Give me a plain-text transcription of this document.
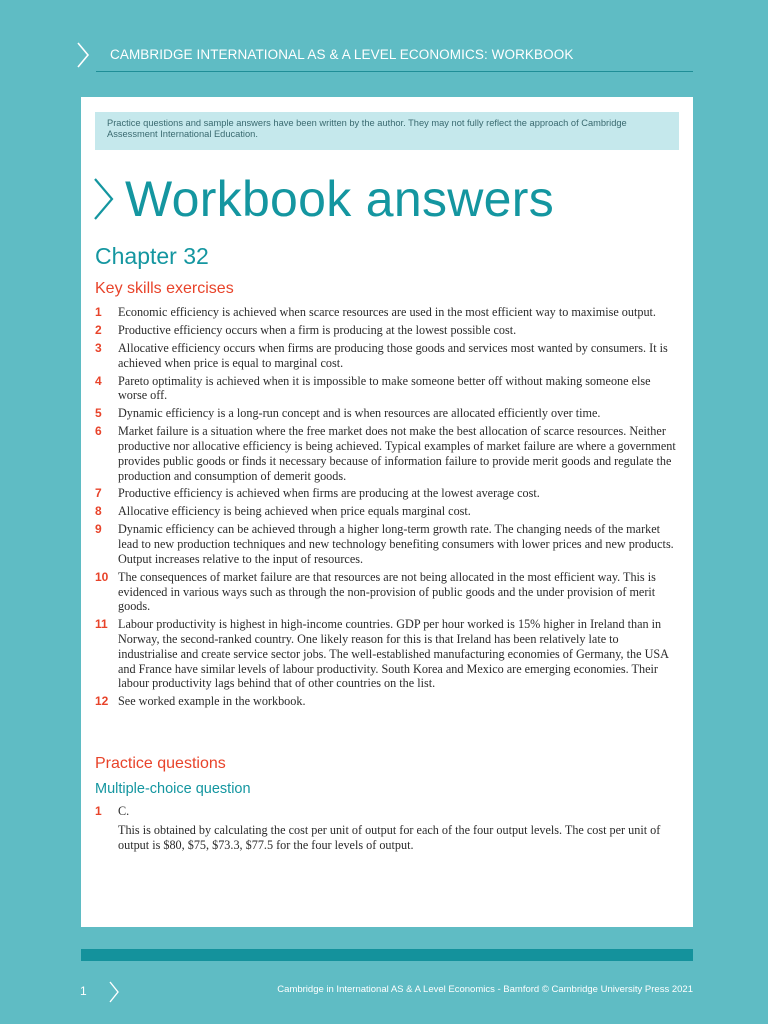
CAMBRIDGE INTERNATIONAL AS & A LEVEL ECONOMICS: WORKBOOK
Practice questions and sample answers have been written by the author. They may not fully reflect the approach of Cambridge Assessment International Education.
Workbook answers
Chapter 32
Key skills exercises
1	Economic efficiency is achieved when scarce resources are used in the most efficient way to maximise output.

2	Productive efficiency occurs when a firm is producing at the lowest possible cost.

3	Allocative efficiency occurs when firms are producing those goods and services most wanted by consumers. It is achieved when price is equal to marginal cost.

4	Pareto optimality is achieved when it is impossible to make someone better off without making someone else worse off.

5	Dynamic efficiency is a long-run concept and is when resources are allocated efficiently over time.

6	Market failure is a situation where the free market does not make the best allocation of scarce resources. Neither productive nor allocative efficiency is being achieved. Typical examples of market failure are where a government provides public goods or finds it necessary because of information failure to provide merit goods and regulate the production and consumption of demerit goods.

7	Productive efficiency is achieved when firms are producing at the lowest average cost.

8	Allocative efficiency is being achieved when price equals marginal cost.

9	Dynamic efficiency can be achieved through a higher long-term growth rate. The changing needs of the market lead to new production techniques and new technology benefiting consumers with lower prices and new products. Output increases relative to the input of resources.

10 The consequences of market failure are that resources are not being allocated in the most efficient way. This is evidenced in various ways such as through the non-provision of public goods and the under provision of merit goods.

11 Labour productivity is highest in high-income countries. GDP per hour worked is 15% higher in Ireland than in Norway, the second-ranked country. One likely reason for this is that Ireland has been relatively late to industrialise and create service sector jobs. The well-established manufacturing economies of Germany, the USA and France have similar levels of labour productivity. South Korea and Mexico are emerging economies. Their labour productivity lags behind that of other countries on the list.

12 See worked example in the workbook.

Practice questions
Multiple-choice question
1	C.

This is obtained by calculating the cost per unit of output for each of the four output levels. The cost per unit of output is $80, $75, $73.3, $77.5 for the four levels of output.

1	Cambridge in International AS & A Level Economics - Bamford © Cambridge University Press 2021
